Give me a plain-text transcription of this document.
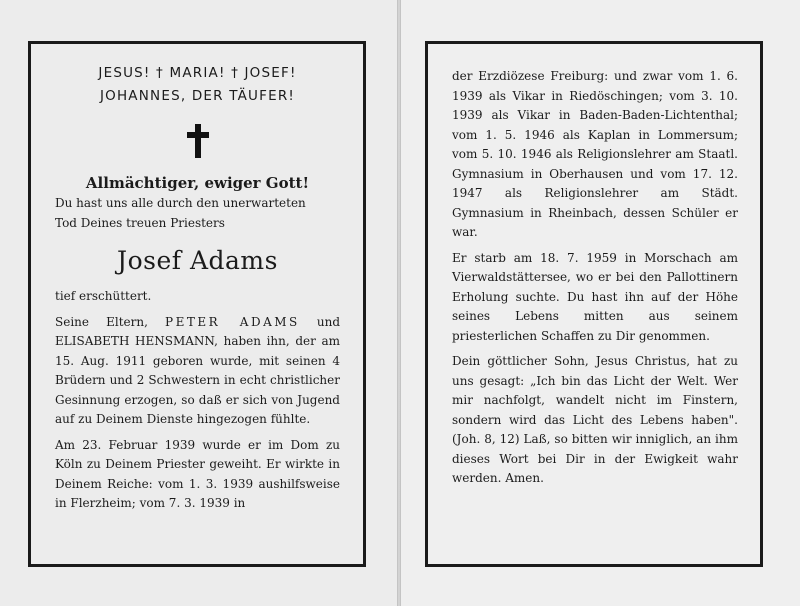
JESUS! † MARIA! † JOSEF!

JOHANNES, DER TÄUFER!

Allmächtiger, ewiger Gott!

Du hast uns alle durch den unerwarteten

Tod Deines treuen Priesters

Josef Adams

tief erschüttert.

Seine Eltern, PETER ADAMS und ELISABETH HENSMANN, haben ihn, der am 15. Aug. 1911 geboren wurde, mit seinen 4 Brüdern und 2 Schwestern in echt christlicher Gesinnung erzogen, so daß er sich von Jugend auf zu Deinem Dienste hingezogen fühlte.

Am 23. Februar 1939 wurde er im Dom zu Köln zu Deinem Priester geweiht. Er wirkte in Deinem Reiche: vom 1. 3. 1939 aushilfsweise in Flerzheim; vom 7. 3. 1939 in

der Erzdiözese Freiburg: und zwar vom 1. 6. 1939 als Vikar in Riedöschingen; vom 3. 10. 1939 als Vikar in Baden-Baden-Lichtenthal; vom 1. 5. 1946 als Kaplan in Lommersum; vom 5. 10. 1946 als Religionslehrer am Staatl. Gymnasium in Oberhausen und vom 17. 12. 1947 als Religionslehrer am Städt. Gymnasium in Rheinbach, dessen Schüler er war.

Er starb am 18. 7. 1959 in Morschach am Vierwaldstättersee, wo er bei den Pallottinern Erholung suchte. Du hast ihn auf der Höhe seines Lebens mitten aus seinem priesterlichen Schaffen zu Dir genommen.

Dein göttlicher Sohn, Jesus Christus, hat zu uns gesagt: „Ich bin das Licht der Welt. Wer mir nachfolgt, wandelt nicht im Finstern, sondern wird das Licht des Lebens haben". (Joh. 8, 12) Laß, so bitten wir inniglich, an ihm dieses Wort bei Dir in der Ewigkeit wahr werden. Amen.
